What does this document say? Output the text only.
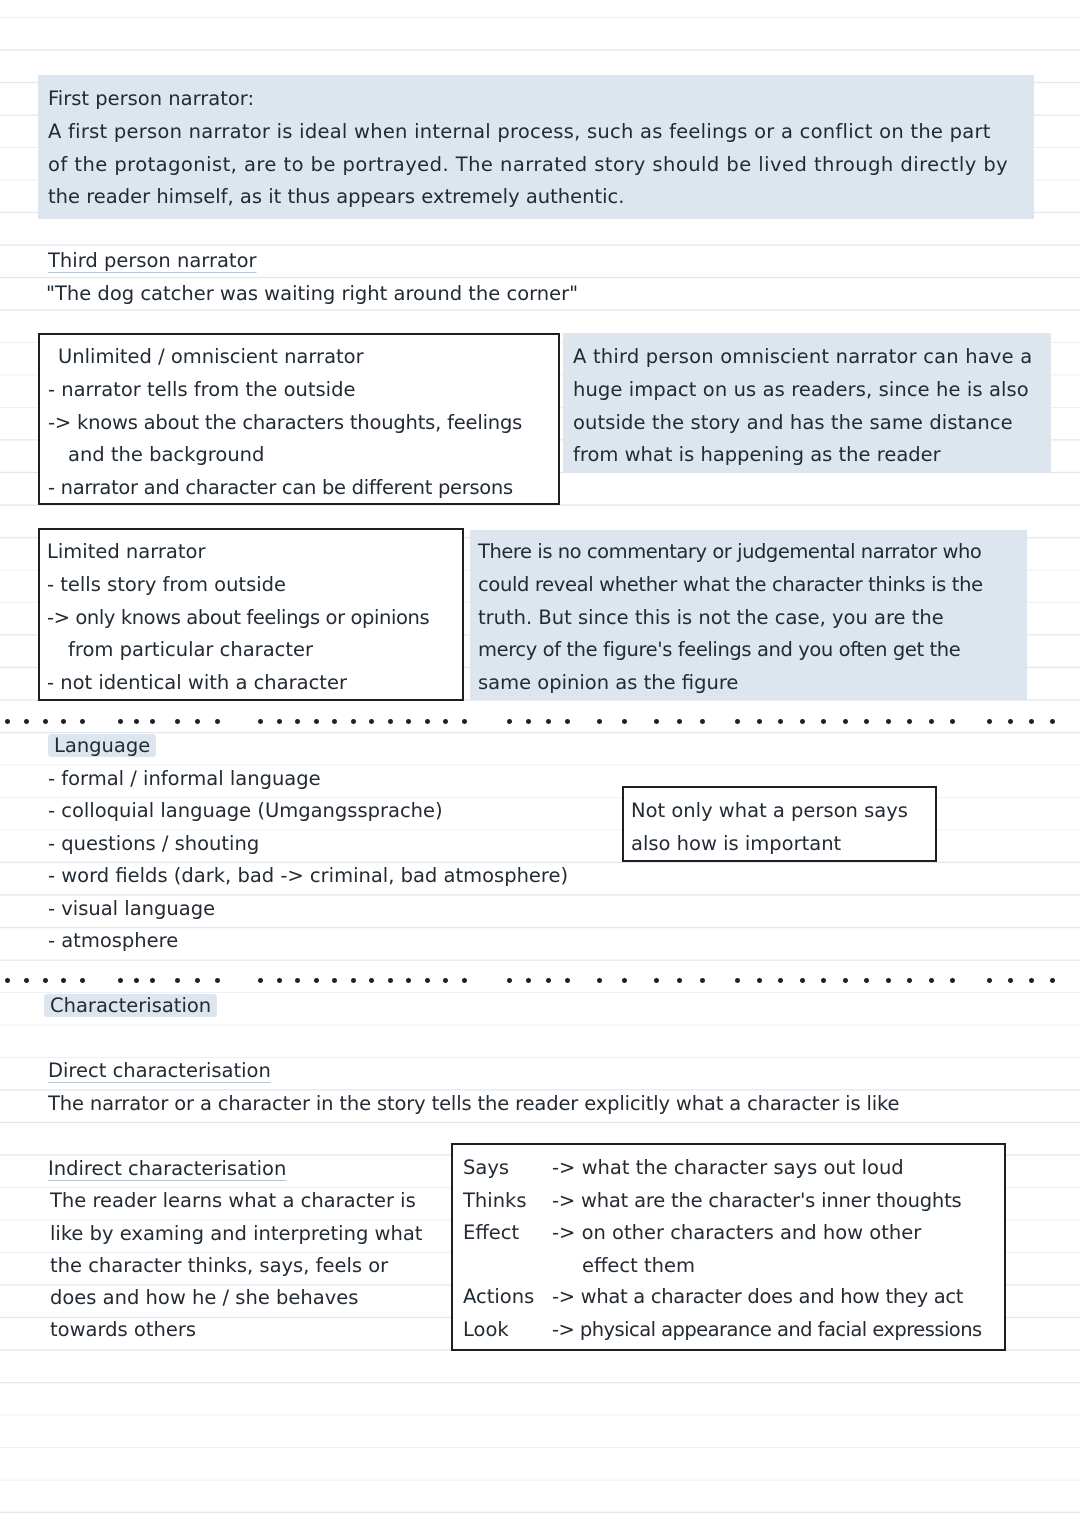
First person narrator:
A first person narrator is ideal when internal process, such as feelings or a conflict on the part
of the protagonist, are to be portrayed. The narrated story should be lived through directly by
the reader himself, as it thus appears extremely authentic.
Third person narrator
"The dog catcher was waiting right around the corner"
Unlimited / omniscient narrator
- narrator tells from the outside
-> knows about the characters thoughts, feelings
and the background
- narrator and character can be different persons
A third person omniscient narrator can have a
huge impact on us as readers, since he is also
outside the story and has the same distance
from what is happening as the reader
Limited narrator
- tells story from outside
-> only knows about feelings or opinions
from particular character
- not identical with a character
There is no commentary or judgemental narrator who
could reveal whether what the character thinks is the
truth. But since this is not the case, you are the
mercy of the figure's feelings and you often get the
same opinion as the figure
Language
- formal / informal language
- colloquial language (Umgangssprache)
- questions / shouting
- word fields (dark, bad -> criminal, bad atmosphere)
- visual language
- atmosphere
Not only what a person says
also how is important
Characterisation
Direct characterisation
The narrator or a character in the story tells the reader explicitly what a character is like
Indirect characterisation
The reader learns what a character is
like by examing and interpreting what
the character thinks, says, feels or
does and how he / she behaves
towards others
Says -> what the character says out loud
Thinks -> what are the character's inner thoughts
Effect -> on other characters and how other
effect them
Actions -> what a character does and how they act
Look -> physical appearance and facial expressions
